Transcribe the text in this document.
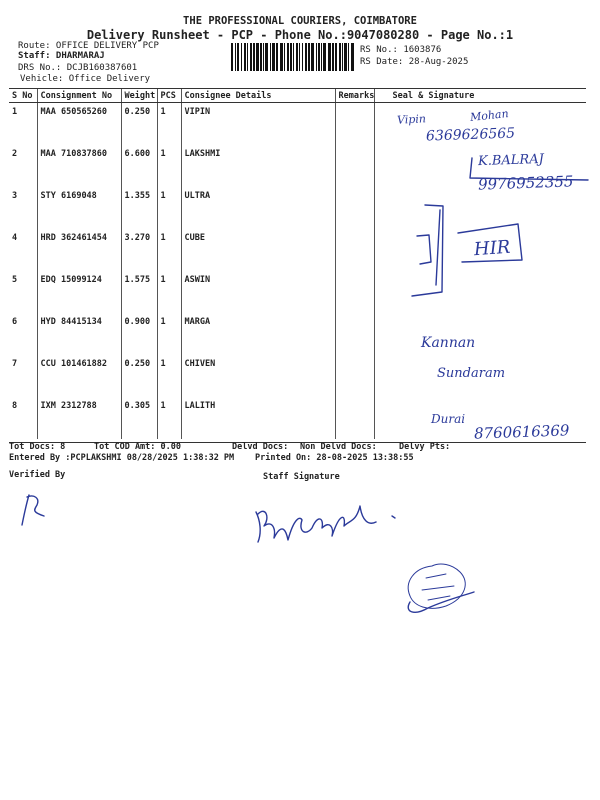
THE PROFESSIONAL COURIERS, COIMBATORE
Delivery Runsheet - PCP - Phone No.:9047080280 - Page No.:1
Route: OFFICE DELIVERY PCP
Staff: DHARMARAJ
DRS No.: DCJB160387601
Vehicle: Office Delivery
RS No.: 1603876
RS Date: 28-Aug-2025
S No	Consignment No	Weight	PCS	Consignee Details	Remarks	Seal & Signature
1	MAA 650565260	0.250	1	VIPIN		
2	MAA 710837860	6.600	1	LAKSHMI		
3	STY 6169048	1.355	1	ULTRA		
4	HRD 362461454	3.270	1	CUBE		
5	EDQ 15099124	1.575	1	ASWIN		
6	HYD 84415134	0.900	1	MARGA		
7	CCU 101461882	0.250	1	CHIVEN		
8	IXM 2312788	0.305	1	LALITH		
Vipin	Mohan
6369626565
K.BALRAJ
9976952355
HIR
Kannan
Sundaram
Durai
8760616369
Tot Docs: 8	Tot COD Amt: 0.00	Delvd Docs: Non Delvd Docs:	Delvy Pts:
Entered By :PCPLAKSHMI 08/28/2025 1:38:32 PM Printed On: 28-08-2025 13:38:55
Verified By	Staff Signature
